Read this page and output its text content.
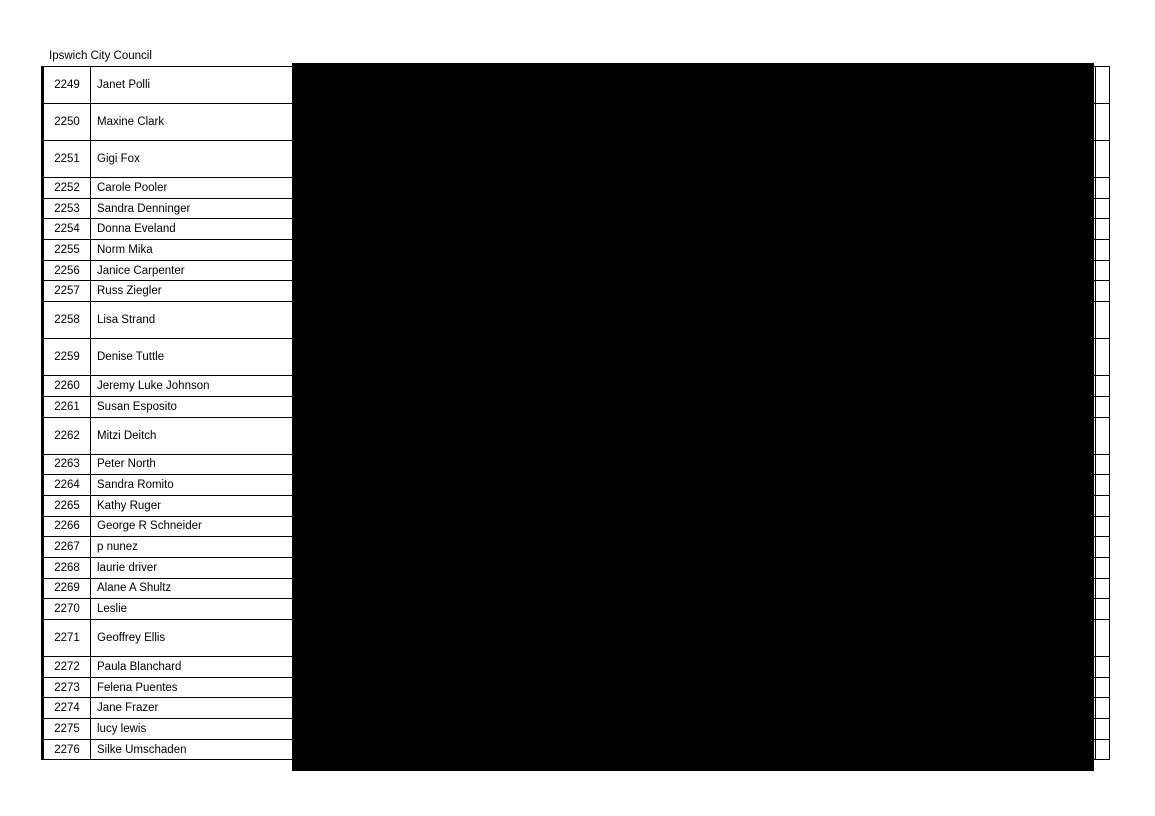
Ipswich City Council
2249	Janet Polli		
2250	Maxine Clark		
2251	Gigi Fox		
2252	Carole Pooler		
2253	Sandra Denninger		
2254	Donna Eveland		
2255	Norm Mika		
2256	Janice Carpenter		
2257	Russ Ziegler		
2258	Lisa Strand		
2259	Denise Tuttle		
2260	Jeremy Luke Johnson		
2261	Susan Esposito		
2262	Mitzi Deitch		
2263	Peter North		
2264	Sandra Romito		
2265	Kathy Ruger		
2266	George R Schneider		
2267	p nunez		
2268	laurie driver		
2269	Alane A Shultz		
2270	Leslie		
2271	Geoffrey Ellis		
2272	Paula Blanchard		
2273	Felena Puentes		
2274	Jane Frazer		
2275	lucy lewis		
2276	Silke Umschaden		
